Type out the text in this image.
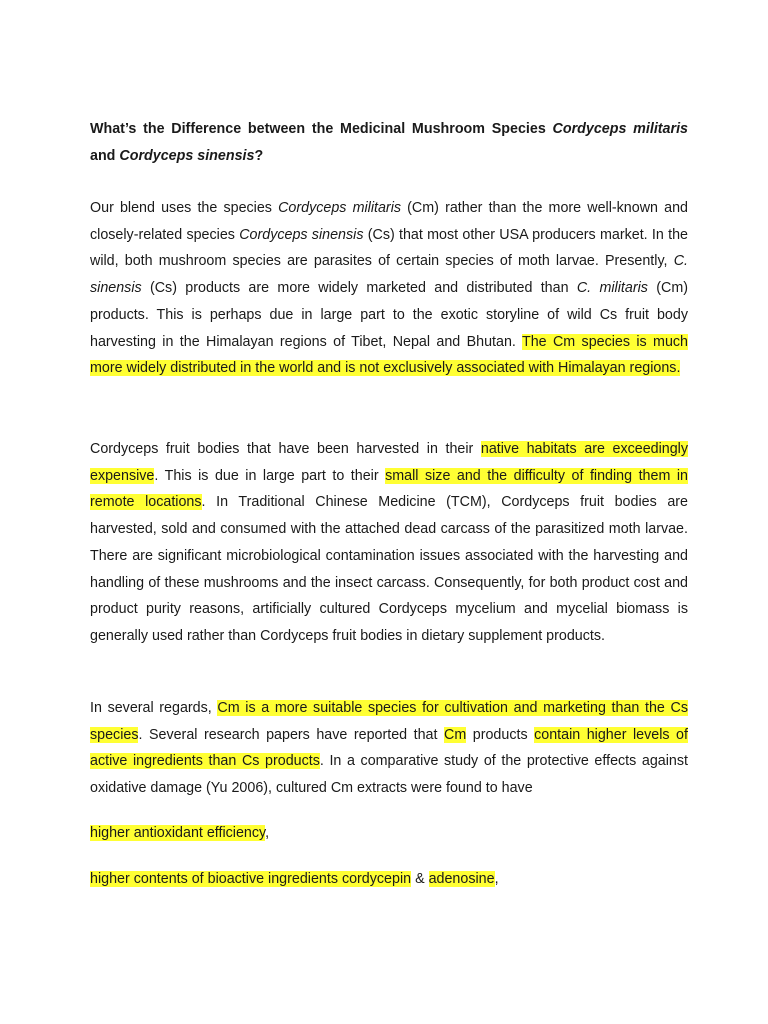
What’s the Difference between the Medicinal Mushroom Species Cordyceps militaris and Cordyceps sinensis?
Our blend uses the species Cordyceps militaris (Cm) rather than the more well-known and closely-related species Cordyceps sinensis (Cs) that most other USA producers market. In the wild, both mushroom species are parasites of certain species of moth larvae. Presently, C. sinensis (Cs) products are more widely marketed and distributed than C. militaris (Cm) products. This is perhaps due in large part to the exotic storyline of wild Cs fruit body harvesting in the Himalayan regions of Tibet, Nepal and Bhutan. The Cm species is much more widely distributed in the world and is not exclusively associated with Himalayan regions.
Cordyceps fruit bodies that have been harvested in their native habitats are exceedingly expensive. This is due in large part to their small size and the difficulty of finding them in remote locations. In Traditional Chinese Medicine (TCM), Cordyceps fruit bodies are harvested, sold and consumed with the attached dead carcass of the parasitized moth larvae. There are significant microbiological contamination issues associated with the harvesting and handling of these mushrooms and the insect carcass. Consequently, for both product cost and product purity reasons, artificially cultured Cordyceps mycelium and mycelial biomass is generally used rather than Cordyceps fruit bodies in dietary supplement products.
In several regards, Cm is a more suitable species for cultivation and marketing than the Cs species. Several research papers have reported that Cm products contain higher levels of active ingredients than Cs products. In a comparative study of the protective effects against oxidative damage (Yu 2006), cultured Cm extracts were found to have
higher antioxidant efficiency,
higher contents of bioactive ingredients cordycepin & adenosine,
